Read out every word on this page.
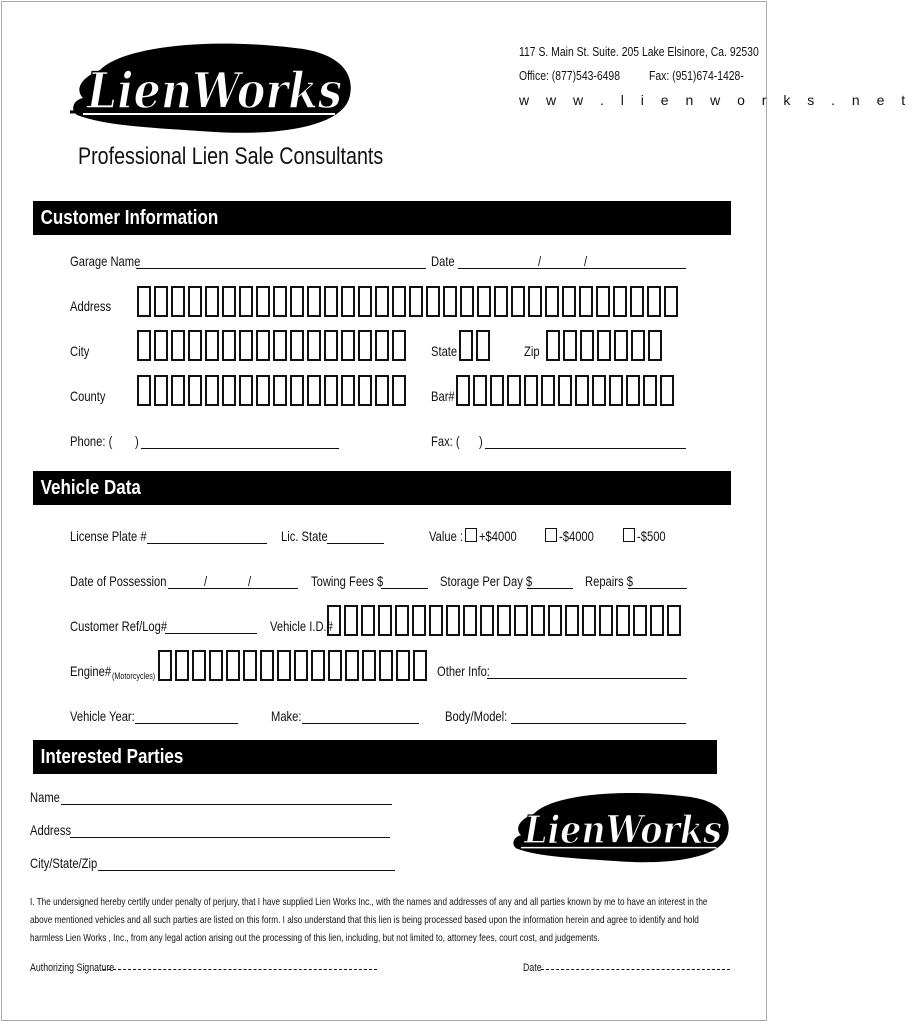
LienWorks
117 S. Main St. Suite. 205 Lake Elsinore, Ca. 92530
Office: (877)543-6498	Fax: (951)674-1428-
w w w . l i e n w o r k s . n e t
Professional Lien Sale Consultants
Customer Information
Garage Name	Date	/	/
Address
City	State	Zip
County	Bar#
Phone: (	)	Fax: (	)
Vehicle Data
License Plate #	Lic. State	Value :	+$4000	-$4000	-$500
Date of Possession	/	/	Towing Fees $	Storage Per Day $	Repairs $
Customer Ref/Log#	Vehicle I.D.#
Engine# (Motorcycles)	Other Info:
Vehicle Year:	Make:	Body/Model:
Interested Parties
Name
Address
City/State/Zip
LienWorks
I. The undersigned hereby certify under penalty of perjury, that I have supplied Lien Works Inc., with the names and addresses of any and all parties known by me to have an interest in the above mentioned vehicles and all such parties are listed on this form. I also understand that this lien is being processed based upon the information herein and agree to identify and hold harmless Lien Works , Inc., from any legal action arising out the processing of this lien, including, but not limited to, attorney fees, court cost, and judgements.
Authorizing Signature	Date
